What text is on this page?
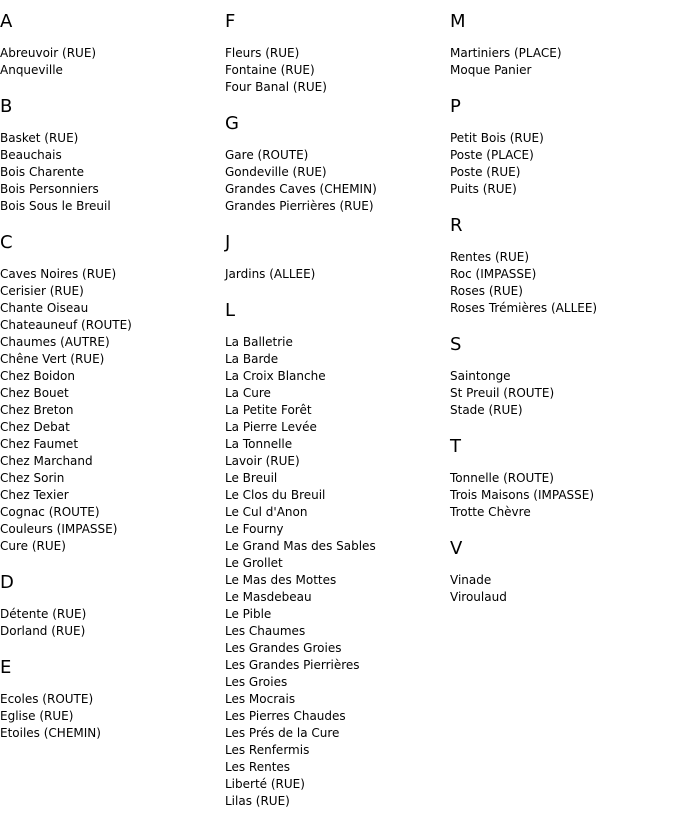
A
Abreuvoir (RUE)
Anqueville
B
Basket (RUE)
Beauchais
Bois Charente
Bois Personniers
Bois Sous le Breuil
C
Caves Noires (RUE)
Cerisier (RUE)
Chante Oiseau
Chateauneuf (ROUTE)
Chaumes (AUTRE)
Chêne Vert (RUE)
Chez Boidon
Chez Bouet
Chez Breton
Chez Debat
Chez Faumet
Chez Marchand
Chez Sorin
Chez Texier
Cognac (ROUTE)
Couleurs (IMPASSE)
Cure (RUE)
D
Détente (RUE)
Dorland (RUE)
E
Ecoles (ROUTE)
Eglise (RUE)
Etoiles (CHEMIN)
F
Fleurs (RUE)
Fontaine (RUE)
Four Banal (RUE)
G
Gare (ROUTE)
Gondeville (RUE)
Grandes Caves (CHEMIN)
Grandes Pierrières (RUE)
J
Jardins (ALLEE)
L
La Balletrie
La Barde
La Croix Blanche
La Cure
La Petite Forêt
La Pierre Levée
La Tonnelle
Lavoir (RUE)
Le Breuil
Le Clos du Breuil
Le Cul d'Anon
Le Fourny
Le Grand Mas des Sables
Le Grollet
Le Mas des Mottes
Le Masdebeau
Le Pible
Les Chaumes
Les Grandes Groies
Les Grandes Pierrières
Les Groies
Les Mocrais
Les Pierres Chaudes
Les Prés de la Cure
Les Renfermis
Les Rentes
Liberté (RUE)
Lilas (RUE)
M
Martiniers (PLACE)
Moque Panier
P
Petit Bois (RUE)
Poste (PLACE)
Poste (RUE)
Puits (RUE)
R
Rentes (RUE)
Roc (IMPASSE)
Roses (RUE)
Roses Trémières (ALLEE)
S
Saintonge
St Preuil (ROUTE)
Stade (RUE)
T
Tonnelle (ROUTE)
Trois Maisons (IMPASSE)
Trotte Chèvre
V
Vinade
Viroulaud
